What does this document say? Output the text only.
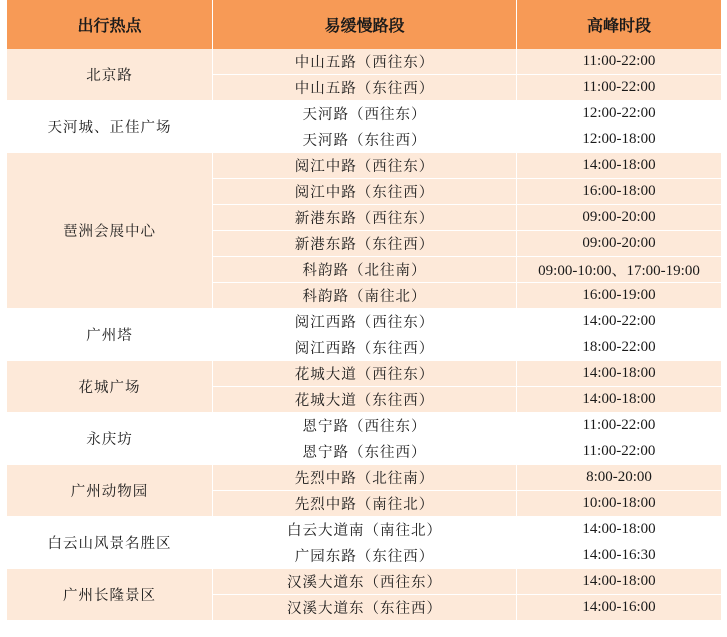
出行热点	易缓慢路段	高峰时段
北京路	中山五路（西往东）	11:00-22:00
	中山五路（东往西）	11:00-22:00
天河城、正佳广场	天河路（西往东）	12:00-22:00
	天河路（东往西）	12:00-18:00
琶洲会展中心	阅江中路（西往东）	14:00-18:00
	阅江中路（东往西）	16:00-18:00
	新港东路（西往东）	09:00-20:00
	新港东路（东往西）	09:00-20:00
	科韵路（北往南）	09:00-10:00、17:00-19:00
	科韵路（南往北）	16:00-19:00
广州塔	阅江西路（西往东）	14:00-22:00
	阅江西路（东往西）	18:00-22:00
花城广场	花城大道（西往东）	14:00-18:00
	花城大道（东往西）	14:00-18:00
永庆坊	恩宁路（西往东）	11:00-22:00
	恩宁路（东往西）	11:00-22:00
广州动物园	先烈中路（北往南）	8:00-20:00
	先烈中路（南往北）	10:00-18:00
白云山风景名胜区	白云大道南（南往北）	14:00-18:00
	广园东路（东往西）	14:00-16:30
广州长隆景区	汉溪大道东（西往东）	14:00-18:00
	汉溪大道东（东往西）	14:00-16:00
